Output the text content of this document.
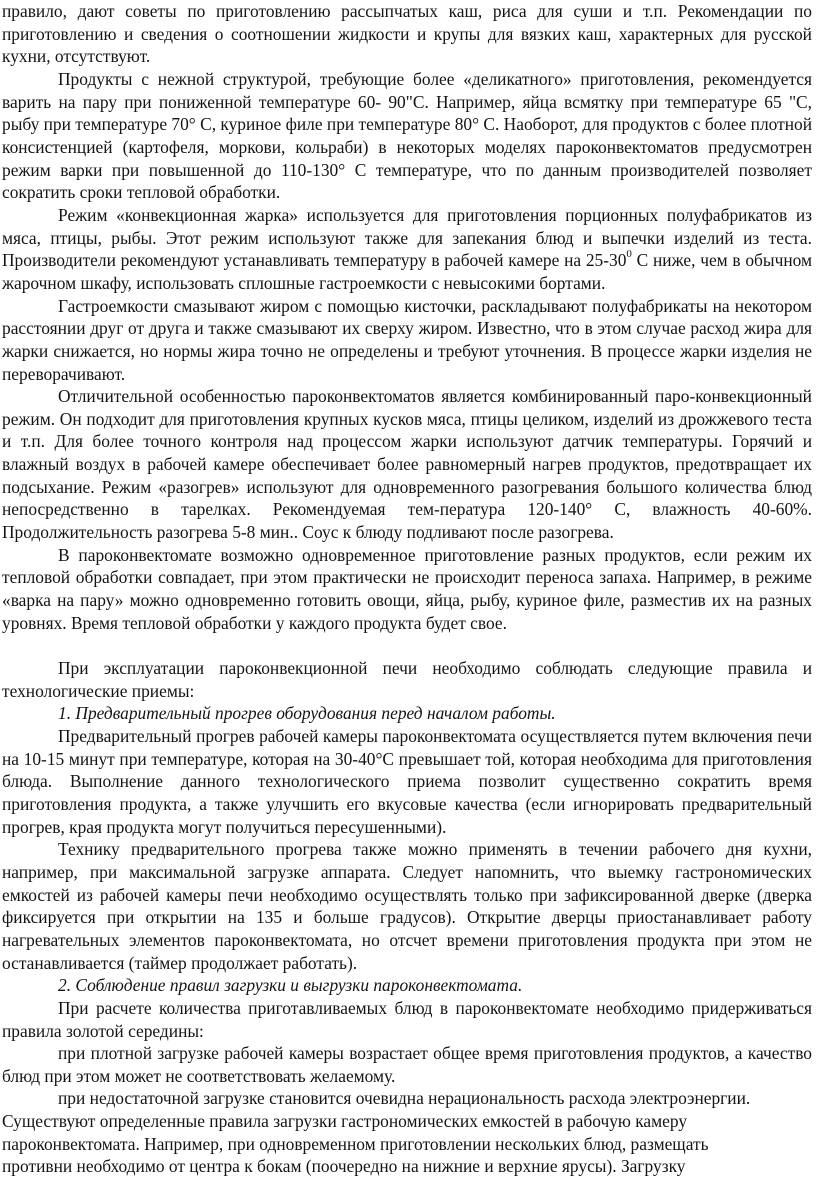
правило, дают советы по приготовлению рассыпчатых каш, риса для суши и т.п. Рекомендации по приготовлению и сведения о соотношении жидкости и крупы для вязких каш, характерных для русской кухни, отсутствуют.

Продукты с нежной структурой, требующие более «деликатного» приготовления, рекомендуется варить на пару при пониженной температуре 60- 90"С. Например, яйца всмятку при температуре 65 "С, рыбу при температуре 70° С, куриное филе при температуре 80° С. Наоборот, для продуктов с более плотной консистенцией (картофеля, моркови, кольраби) в некоторых моделях пароконвектоматов предусмотрен режим варки при повышенной до 110-130° С температуре, что по данным производителей позволяет сократить сроки тепловой обработки.

Режим «конвекционная жарка» используется для приготовления порционных полуфабрикатов из мяса, птицы, рыбы. Этот режим используют также для запекания блюд и выпечки изделий из теста. Производители рекомендуют устанавливать температуру в рабочей камере на $25-30^0$ С ниже, чем в обычном жарочном шкафу, использовать сплошные гастроемкости с невысокими бортами.

Гастроемкости смазывают жиром с помощью кисточки, раскладывают полуфабрикаты на некотором расстоянии друг от друга и также смазывают их сверху жиром. Известно, что в этом случае расход жира для жарки снижается, но нормы жира точно не определены и требуют уточнения. В процессе жарки изделия не переворачивают.

Отличительной особенностью пароконвектоматов является комбинированный паро-конвекционный режим. Он подходит для приготовления крупных кусков мяса, птицы целиком, изделий из дрожжевого теста и т.п. Для более точного контроля над процессом жарки используют датчик температуры. Горячий и влажный воздух в рабочей камере обеспечивает более равномерный нагрев продуктов, предотвращает их подсыхание. Режим «разогрев» используют для одновременного разогревания большого количества блюд непосредственно в тарелках. Рекомендуемая тем-пература 120-140° С, влажность 40-60%. Продолжительность разогрева 5-8 мин.. Соус к блюду подливают после разогрева.

В пароконвектомате возможно одновременное приготовление разных продуктов, если режим их тепловой обработки совпадает, при этом практически не происходит переноса запаха. Например, в режиме «варка на пару» можно одновременно готовить овощи, яйца, рыбу, куриное филе, разместив их на разных уровнях. Время тепловой обработки у каждого продукта будет свое.

При эксплуатации пароконвекционной печи необходимо соблюдать следующие правила и технологические приемы:

1. Предварительный прогрев оборудования перед началом работы.

Предварительный прогрев рабочей камеры пароконвектомата осуществляется путем включения печи на 10-15 минут при температуре, которая на 30-40°С превышает той, которая необходима для приготовления блюда. Выполнение данного технологического приема позволит существенно сократить время приготовления продукта, а также улучшить его вкусовые качества (если игнорировать предварительный прогрев, края продукта могут получиться пересушенными).

Технику предварительного прогрева также можно применять в течении рабочего дня кухни, например, при максимальной загрузке аппарата. Следует напомнить, что выемку гастрономических емкостей из рабочей камеры печи необходимо осуществлять только при зафиксированной дверке (дверка фиксируется при открытии на 135 и больше градусов). Открытие дверцы приостанавливает работу нагревательных элементов пароконвектомата, но отсчет времени приготовления продукта при этом не останавливается (таймер продолжает работать).

2. Соблюдение правил загрузки и выгрузки пароконвектомата.

При расчете количества приготавливаемых блюд в пароконвектомате необходимо придерживаться правила золотой середины:

при плотной загрузке рабочей камеры возрастает общее время приготовления продуктов, а качество блюд при этом может не соответствовать желаемому.

при недостаточной загрузке становится очевидна нерациональность расхода электроэнергии.

Существуют определенные правила загрузки гастрономических емкостей в рабочую камеру

пароконвектомата. Например, при одновременном приготовлении нескольких блюд, размещать

противни необходимо от центра к бокам (поочередно на нижние и верхние ярусы). Загрузку
